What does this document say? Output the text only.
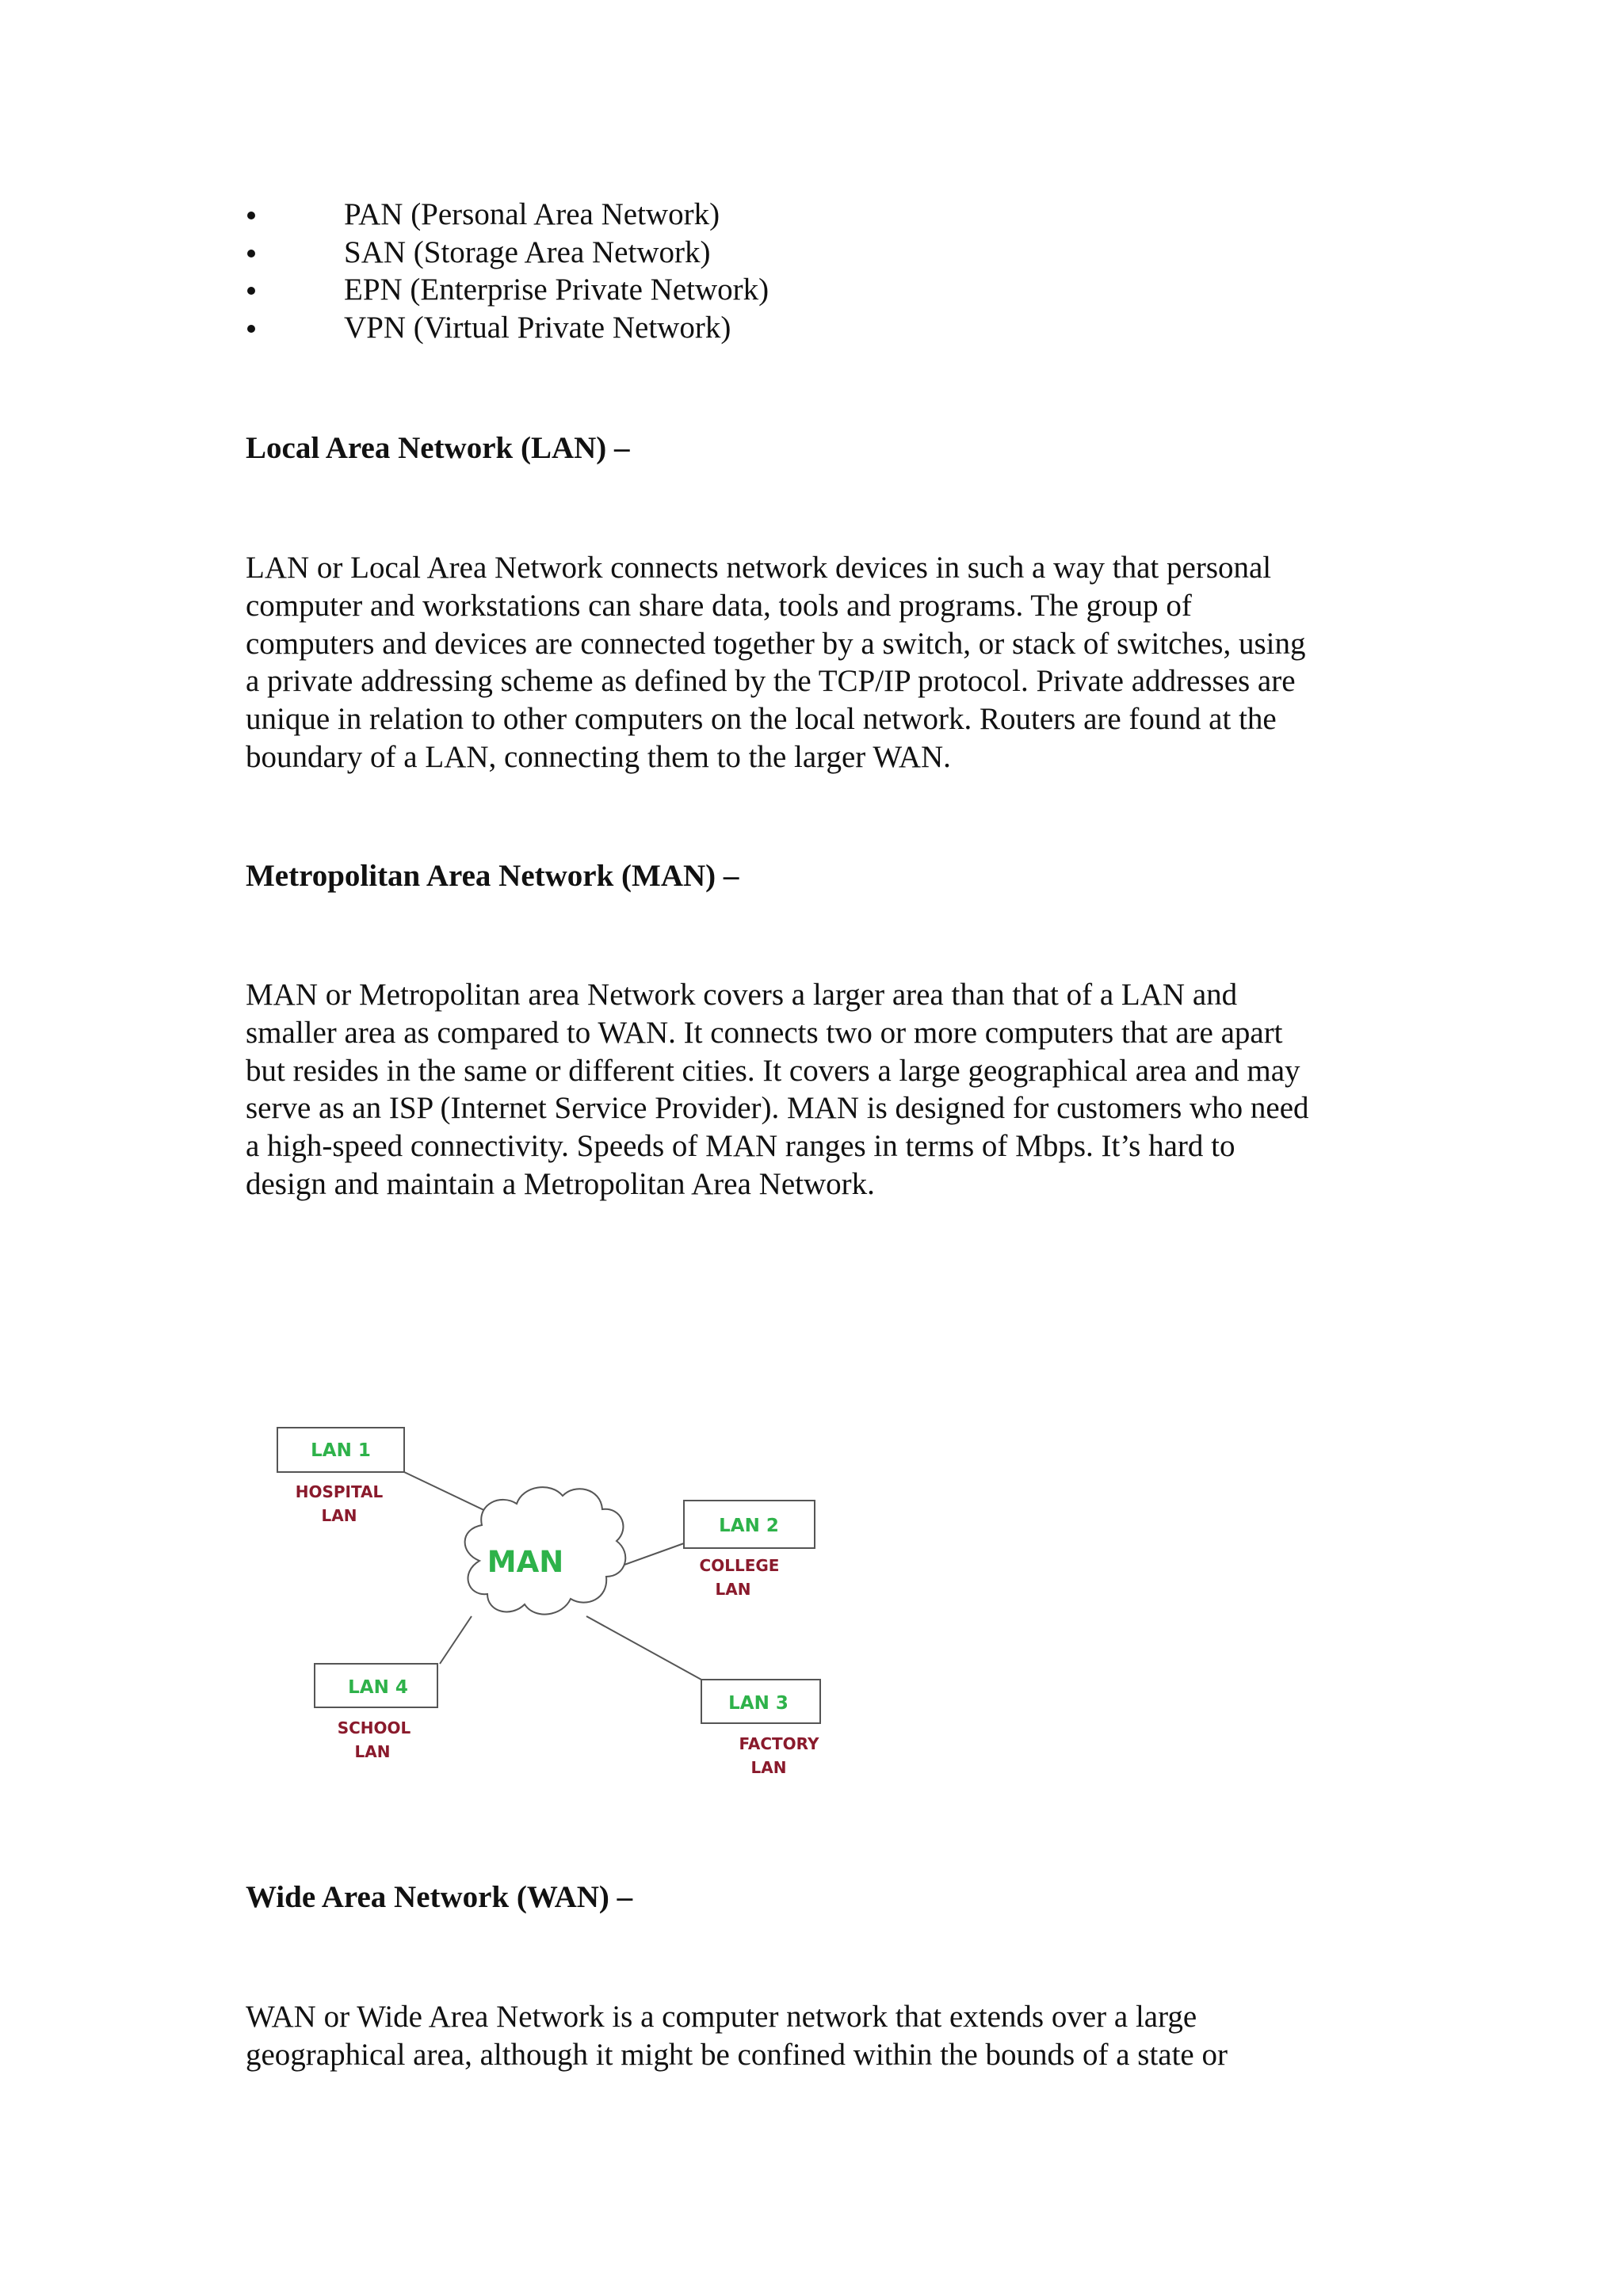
PAN (Personal Area Network)
SAN (Storage Area Network)
EPN (Enterprise Private Network)
VPN (Virtual Private Network)
Local Area Network (LAN) –

LAN or Local Area Network connects network devices in such a way that personal
computer and workstations can share data, tools and programs. The group of
computers and devices are connected together by a switch, or stack of switches, using
a private addressing scheme as defined by the TCP/IP protocol. Private addresses are
unique in relation to other computers on the local network. Routers are found at the
boundary of a LAN, connecting them to the larger WAN.

Metropolitan Area Network (MAN) –

MAN or Metropolitan area Network covers a larger area than that of a LAN and
smaller area as compared to WAN. It connects two or more computers that are apart
but resides in the same or different cities. It covers a large geographical area and may
serve as an ISP (Internet Service Provider). MAN is designed for customers who need
a high-speed connectivity. Speeds of MAN ranges in terms of Mbps. It’s hard to
design and maintain a Metropolitan Area Network.

MAN
LAN 1
HOSPITAL
LAN	LAN 2
COLLEGE
LAN
LAN 3
FACTORY
LAN
LAN 4
SCHOOL
LAN
Wide Area Network (WAN) –

WAN or Wide Area Network is a computer network that extends over a large
geographical area, although it might be confined within the bounds of a state or
